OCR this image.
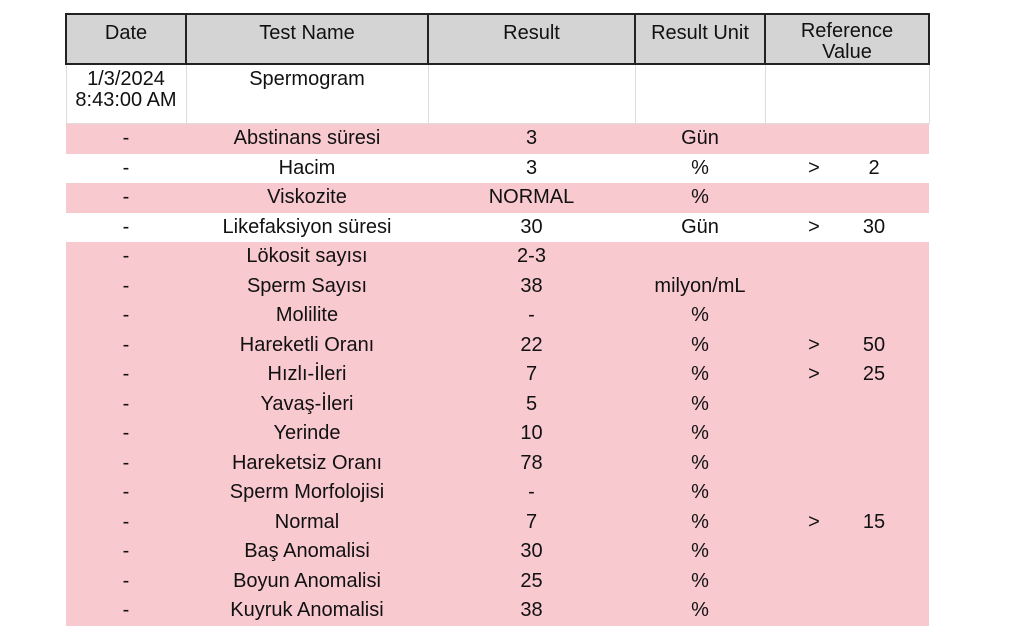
Date	Test Name	Result	Result Unit	Reference
Value

1/3/2024
8:43:00 AM	Spermogram			
-	Abstinans süresi	3	Gün	

-	Hacim	3	%	> 2

-	Viskozite	NORMAL	%	

-	Likefaksiyon süresi	30	Gün	> 30

-	Lökosit sayısı	2-3		

-	Sperm Sayısı	38	milyon/mL	

-	Molilite	-	%	

-	Hareketli Oranı	22	%	> 50

-	Hızlı-İleri	7	%	> 25

-	Yavaş-İleri	5	%	

-	Yerinde	10	%	

-	Hareketsiz Oranı	78	%	

-	Sperm Morfolojisi	-	%	

-	Normal	7	%	> 15

-	Baş Anomalisi	30	%	

-	Boyun Anomalisi	25	%	

-	Kuyruk Anomalisi	38	%	
